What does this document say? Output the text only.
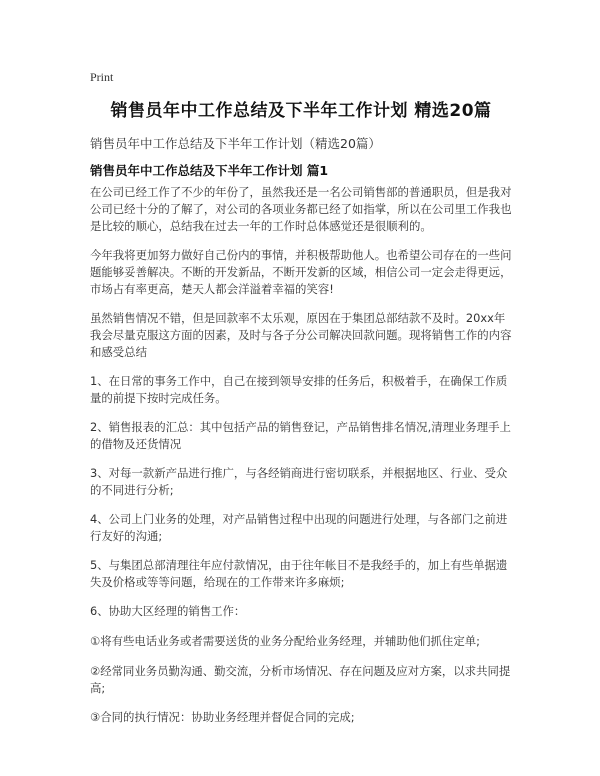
Print
销售员年中工作总结及下半年工作计划 精选20篇
销售员年中工作总结及下半年工作计划（精选20篇）
销售员年中工作总结及下半年工作计划 篇1

在公司已经工作了不少的年份了，虽然我还是一名公司销售部的普通职员，但是我对公司已经十分的了解了，对公司的各项业务都已经了如指掌，所以在公司里工作我也是比较的顺心，总结我在过去一年的工作时总体感觉还是很顺利的。

今年我将更加努力做好自己份内的事情，并积极帮助他人。也希望公司存在的一些问题能够妥善解决。不断的开发新品，不断开发新的区域，相信公司一定会走得更远，市场占有率更高，楚天人都会洋溢着幸福的笑容!

虽然销售情况不错，但是回款率不太乐观，原因在于集团总部结款不及时。20xx年我会尽量克服这方面的因素，及时与各子分公司解决回款问题。现将销售工作的内容和感受总结

1、在日常的事务工作中，自己在接到领导安排的任务后，积极着手，在确保工作质量的前提下按时完成任务。

2、销售报表的汇总：其中包括产品的销售登记，产品销售排名情况,清理业务理手上的借物及还货情况

3、对每一款新产品进行推广，与各经销商进行密切联系，并根据地区、行业、受众的不同进行分析;

4、公司上门业务的处理，对产品销售过程中出现的问题进行处理，与各部门之前进行友好的沟通;

5、与集团总部清理往年应付款情况，由于往年帐目不是我经手的，加上有些单据遗失及价格或等等问题，给现在的工作带来许多麻烦;

6、协助大区经理的销售工作：

①将有些电话业务或者需要送货的业务分配给业务经理，并辅助他们抓住定单;

②经常同业务员勤沟通、勤交流，分析市场情况、存在问题及应对方案，以求共同提高;

③合同的执行情况：协助业务经理并督促合同的完成;
